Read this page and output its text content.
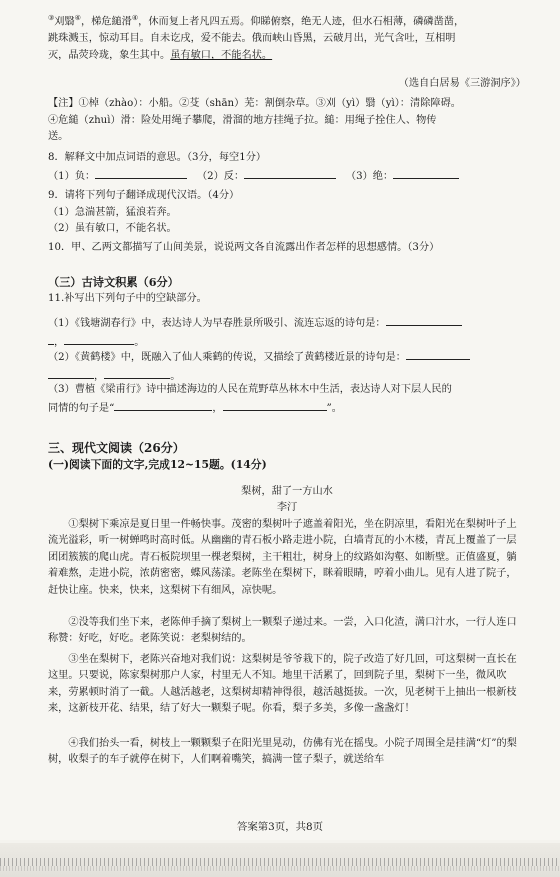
③刈翳④，梯危縋滑④，休而复上者凡四五焉。仰睇俯察，绝无人迹，但水石相薄，磷磷凿凿，
跳珠溅玉，惊动耳目。自未讫戌，爱不能去。俄而峡山昏黑，云破月出，光气含吐，互相明
灭，晶荧玲珑，象生其中。虽有敏口，不能名状。
（选自白居易《三游洞序》）
【注】①棹（zhào）：小船。②芟（shān）芜：割倒杂草。③刈（yì）翳（yì）：清除障碍。
④危縋（zhuì）滑：险处用绳子攀爬，滑溜的地方挂绳子拉。縋：用绳子拴住人、物传
送。
8．解释文中加点词语的意思。（3分，每空1分）
（1）负：	（2）反：	（3）绝：
9．请将下列句子翻译成现代汉语。（4分）
（1）急湍甚箭，猛浪若奔。
（2）虽有敏口，不能名状。
10．甲、乙两文都描写了山间美景，说说两文各自流露出作者怎样的思想感情。（3分）
（三）古诗文积累（6分）
11.补写出下列句子中的空缺部分。
（1）《钱塘湖春行》中，表达诗人为早春胜景所吸引、流连忘返的诗句是：
，	。
（2）《黄鹤楼》中，既融入了仙人乘鹤的传说，又描绘了黄鹤楼近景的诗句是：
，	。
（3）曹植《梁甫行》诗中描述海边的人民在荒野草丛林木中生活，表达诗人对下层人民的
同情的句子是“	，	”。
三、现代文阅读（26分）
(一)阅读下面的文字,完成12~15题。(14分)
梨树，甜了一方山水
李汀
①梨树下乘凉是夏日里一件畅快事。茂密的梨树叶子遮盖着阳光，坐在阴凉里，看阳光在梨树叶子上流光溢彩，听一树蝉鸣时高时低。从幽幽的青石板小路走进小院，白墙青瓦的小木楼，青瓦上覆盖了一层团团簇簇的爬山虎。青石板院坝里一棵老梨树，主干粗壮，树身上的纹路如沟壑、如断壁。正值盛夏，躺着难熬，走进小院，浓荫密密，蝶风荡漾。老陈坐在梨树下，眯着眼睛，哼着小曲儿。见有人进了院子，赶快让座。快来，快来，这梨树下有细风，凉快呢。
②没等我们坐下来，老陈伸手摘了梨树上一颗梨子递过来。一尝，入口化渣，满口汁水，一行人连口称赞：好吃，好吃。老陈笑说：老梨树结的。
③坐在梨树下，老陈兴奋地对我们说：这梨树是爷爷栽下的，院子改造了好几回，可这梨树一直长在这里。只要说，陈家梨树那户人家，村里无人不知。地里干活累了，回到院子里，梨树下一坐，微风吹来，劳累顿时消了一截。人越活越老，这梨树却精神得很，越活越挺拔。一次，见老树干上抽出一根新枝来，这新枝开花、结果，结了好大一颗梨子呢。你看，梨子多美，多像一盏盏灯！
④我们抬头一看，树枝上一颗颗梨子在阳光里晃动，仿佛有光在摇曳。小院子周围全是挂满“灯”的梨树，收梨子的车子就停在树下，人们啊着嘴笑，搞满一筐子梨子，就送给车
答案第3页，共8页
